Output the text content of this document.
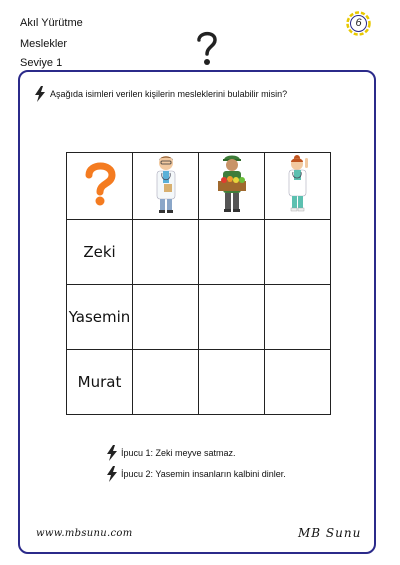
Akıl Yürütme
Meslekler
Seviye 1
6
Aşağıda isimleri verilen kişilerin mesleklerini bulabilir misin?

Zeki			
Yasemin			
Murat			
İpucu 1: Zeki meyve satmaz.
İpucu 2: Yasemin insanların kalbini dinler.
www.mbsunu.com	MB Sunu
